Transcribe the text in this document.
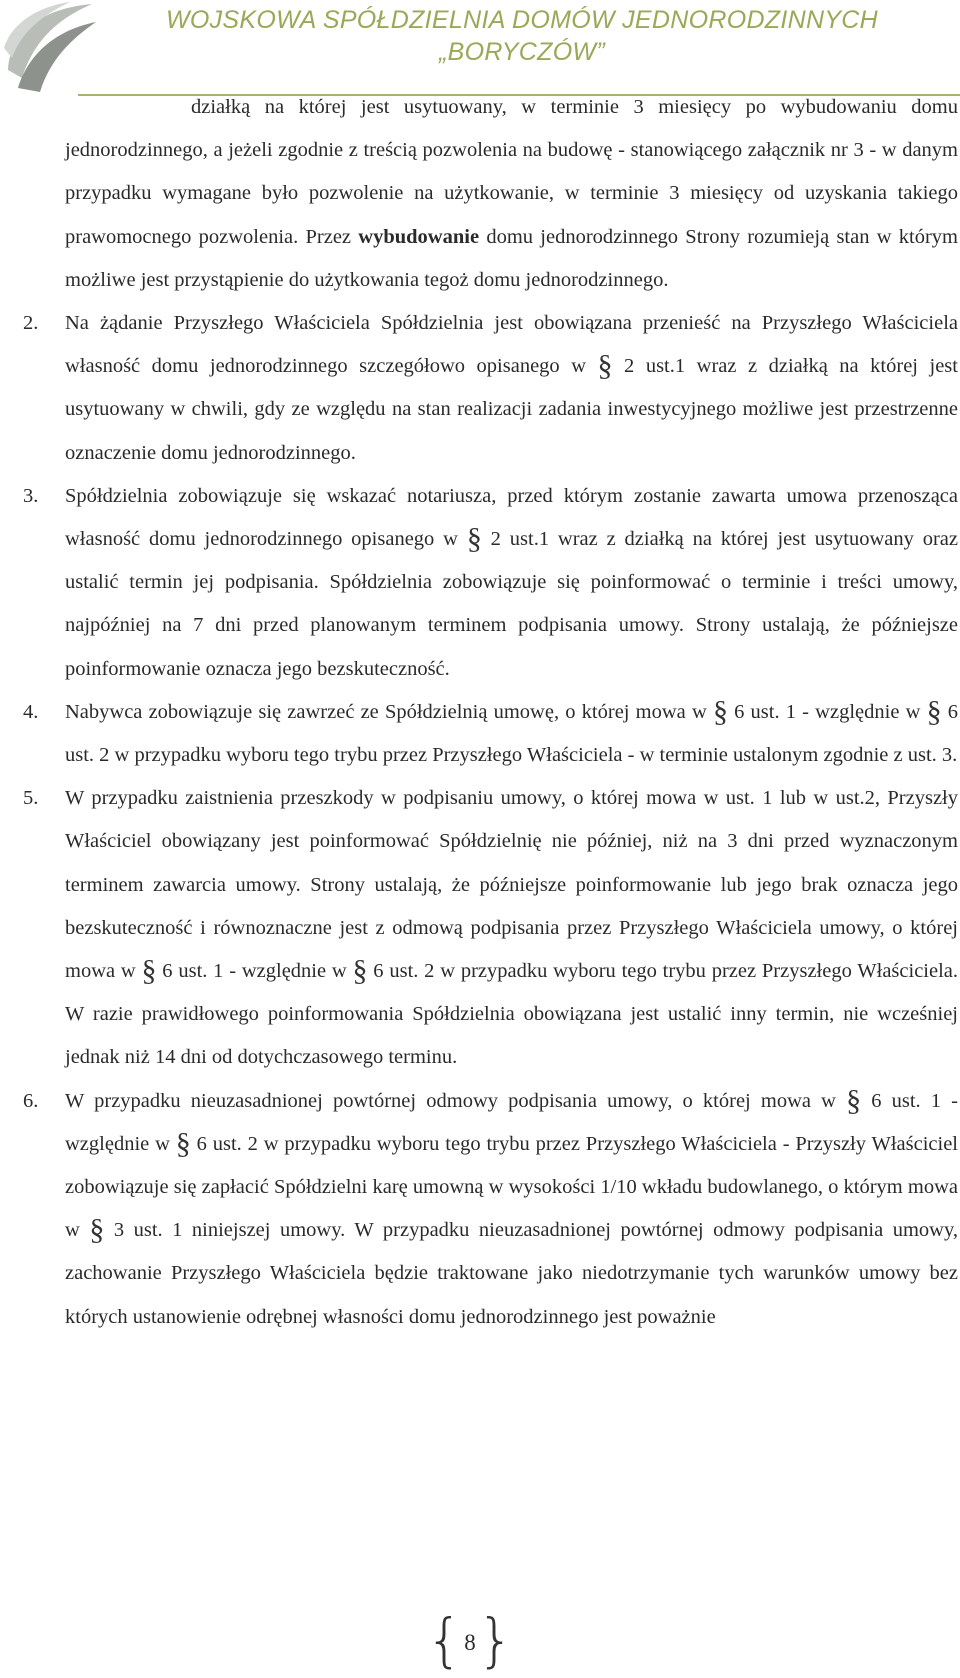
WOJSKOWA SPÓŁDZIELNIA DOMÓW JEDNORODZINNYCH
„BORYCZÓW”

działką na której jest usytuowany, w terminie 3 miesięcy po wybudowaniu domu jednorodzinnego, a jeżeli zgodnie z treścią pozwolenia na budowę - stanowiącego załącznik nr 3 - w danym przypadku wymagane było pozwolenie na użytkowanie, w terminie 3 miesięcy od uzyskania takiego prawomocnego pozwolenia. Przez wybudowanie domu jednorodzinnego Strony rozumieją stan w którym możliwe jest przystąpienie do użytkowania tegoż domu jednorodzinnego.

2. Na żądanie Przyszłego Właściciela Spółdzielnia jest obowiązana przenieść na Przyszłego Właściciela własność domu jednorodzinnego szczegółowo opisanego w § 2 ust.1 wraz z działką na której jest usytuowany w chwili, gdy ze względu na stan realizacji zadania inwestycyjnego możliwe jest przestrzenne oznaczenie domu jednorodzinnego.

3. Spółdzielnia zobowiązuje się wskazać notariusza, przed którym zostanie zawarta umowa przenosząca własność domu jednorodzinnego opisanego w § 2 ust.1 wraz z działką na której jest usytuowany oraz ustalić termin jej podpisania. Spółdzielnia zobowiązuje się poinformować o terminie i treści umowy, najpóźniej na 7 dni przed planowanym terminem podpisania umowy. Strony ustalają, że późniejsze poinformowanie oznacza jego bezskuteczność.

4. Nabywca zobowiązuje się zawrzeć ze Spółdzielnią umowę, o której mowa w § 6 ust. 1 - względnie w § 6 ust. 2 w przypadku wyboru tego trybu przez Przyszłego Właściciela - w terminie ustalonym zgodnie z ust. 3.

5. W przypadku zaistnienia przeszkody w podpisaniu umowy, o której mowa w ust. 1 lub w ust.2, Przyszły Właściciel obowiązany jest poinformować Spółdzielnię nie później, niż na 3 dni przed wyznaczonym terminem zawarcia umowy. Strony ustalają, że późniejsze poinformowanie lub jego brak oznacza jego bezskuteczność i równoznaczne jest z odmową podpisania przez Przyszłego Właściciela umowy, o której mowa w § 6 ust. 1 - względnie w § 6 ust. 2 w przypadku wyboru tego trybu przez Przyszłego Właściciela. W razie prawidłowego poinformowania Spółdzielnia obowiązana jest ustalić inny termin, nie wcześniej jednak niż 14 dni od dotychczasowego terminu.

6. W przypadku nieuzasadnionej powtórnej odmowy podpisania umowy, o której mowa w § 6 ust. 1 - względnie w § 6 ust. 2 w przypadku wyboru tego trybu przez Przyszłego Właściciela - Przyszły Właściciel zobowiązuje się zapłacić Spółdzielni karę umowną w wysokości 1/10 wkładu budowlanego, o którym mowa w § 3 ust. 1 niniejszej umowy. W przypadku nieuzasadnionej powtórnej odmowy podpisania umowy, zachowanie Przyszłego Właściciela będzie traktowane jako niedotrzymanie tych warunków umowy bez których ustanowienie odrębnej własności domu jednorodzinnego jest poważnie

{ 8 }
